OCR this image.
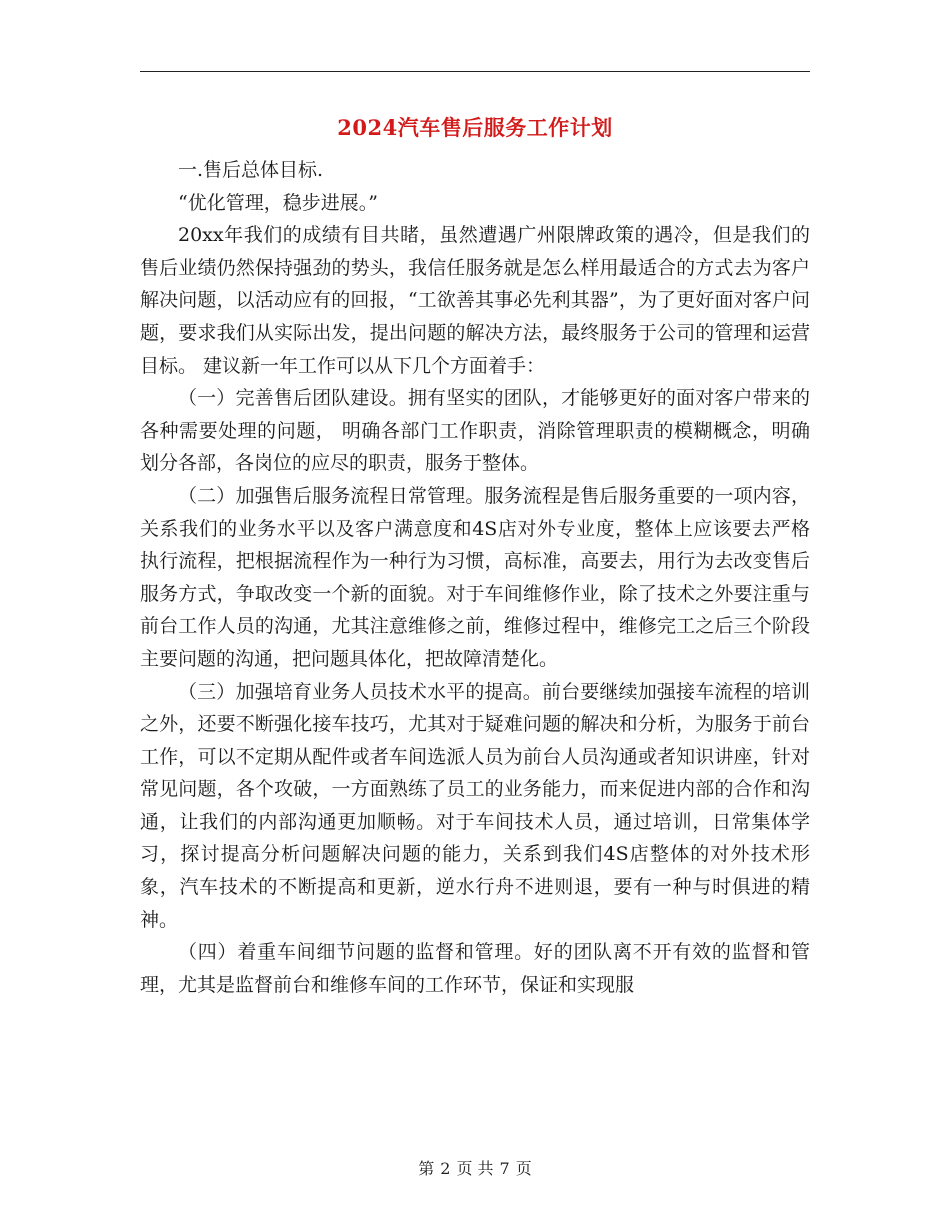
2024汽车售后服务工作计划

一.售后总体目标.

“优化管理，稳步进展。”

20xx年我们的成绩有目共睹，虽然遭遇广州限牌政策的遇冷，但是我们的售后业绩仍然保持强劲的势头，我信任服务就是怎么样用最适合的方式去为客户解决问题，以活动应有的回报，“工欲善其事必先利其器”，为了更好面对客户问题，要求我们从实际出发，提出问题的解决方法，最终服务于公司的管理和运营目标。 建议新一年工作可以从下几个方面着手：

（一）完善售后团队建设。拥有坚实的团队，才能够更好的面对客户带来的各种需要处理的问题， 明确各部门工作职责，消除管理职责的模糊概念，明确划分各部，各岗位的应尽的职责，服务于整体。

（二）加强售后服务流程日常管理。服务流程是售后服务重要的一项内容，关系我们的业务水平以及客户满意度和4S店对外专业度，整体上应该要去严格执行流程，把根据流程作为一种行为习惯，高标准，高要去，用行为去改变售后服务方式，争取改变一个新的面貌。对于车间维修作业，除了技术之外要注重与前台工作人员的沟通，尤其注意维修之前，维修过程中，维修完工之后三个阶段主要问题的沟通，把问题具体化，把故障清楚化。

（三）加强培育业务人员技术水平的提高。前台要继续加强接车流程的培训之外，还要不断强化接车技巧，尤其对于疑难问题的解决和分析，为服务于前台工作，可以不定期从配件或者车间选派人员为前台人员沟通或者知识讲座，针对常见问题，各个攻破，一方面熟练了员工的业务能力，而来促进内部的合作和沟通，让我们的内部沟通更加顺畅。对于车间技术人员，通过培训，日常集体学习，探讨提高分析问题解决问题的能力，关系到我们4S店整体的对外技术形象，汽车技术的不断提高和更新，逆水行舟不进则退，要有一种与时俱进的精神。

（四）着重车间细节问题的监督和管理。好的团队离不开有效的监督和管理，尤其是监督前台和维修车间的工作环节，保证和实现服

第 2 页 共 7 页
